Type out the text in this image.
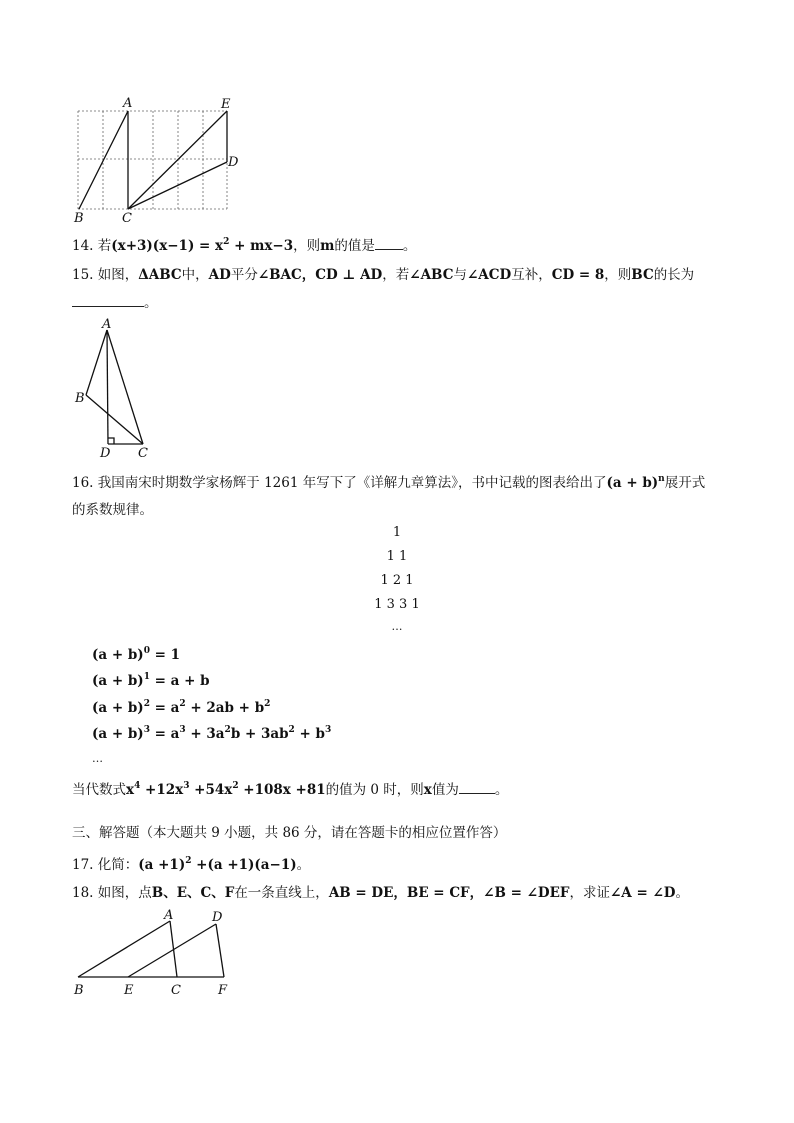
A	E
D
B	C
14. 若$(x+3)(x-1) = x^2 + mx-3$，则m的值是 。
15. 如图，ΔABC中，AD平分∠BAC，CD ⊥ AD，若∠ABC与∠ACD互补，CD = 8，则BC的长为
。
A
B
D C
16. 我国南宋时期数学家杨辉于 1261 年写下了《详解九章算法》，书中记载的图表给出了$(a + b)^n$展开式
的系数规律。
1
1 1
1 2 1
1 3 3 1
…
$(a + b)^0 = 1$
$(a + b)^1 = a + b$
$(a + b)^2 = a^2 + 2ab + b^2$
$(a + b)^3 = a^3 + 3a^2b + 3ab^2 + b^3$
…
当代数式$x^4 +12x^3 +54x^2 +108x +81$的值为 0 时，则x值为	。
三、解答题（本大题共 9 小题，共 86 分，请在答题卡的相应位置作答）
17. 化简：$(a +1)^2 +(a +1)(a-1)$。
18. 如图，点B、E、C、F在一条直线上，AB = DE，BE = CF，∠B = ∠DEF，求证∠A = ∠D。
A	D
B	E	C	F
